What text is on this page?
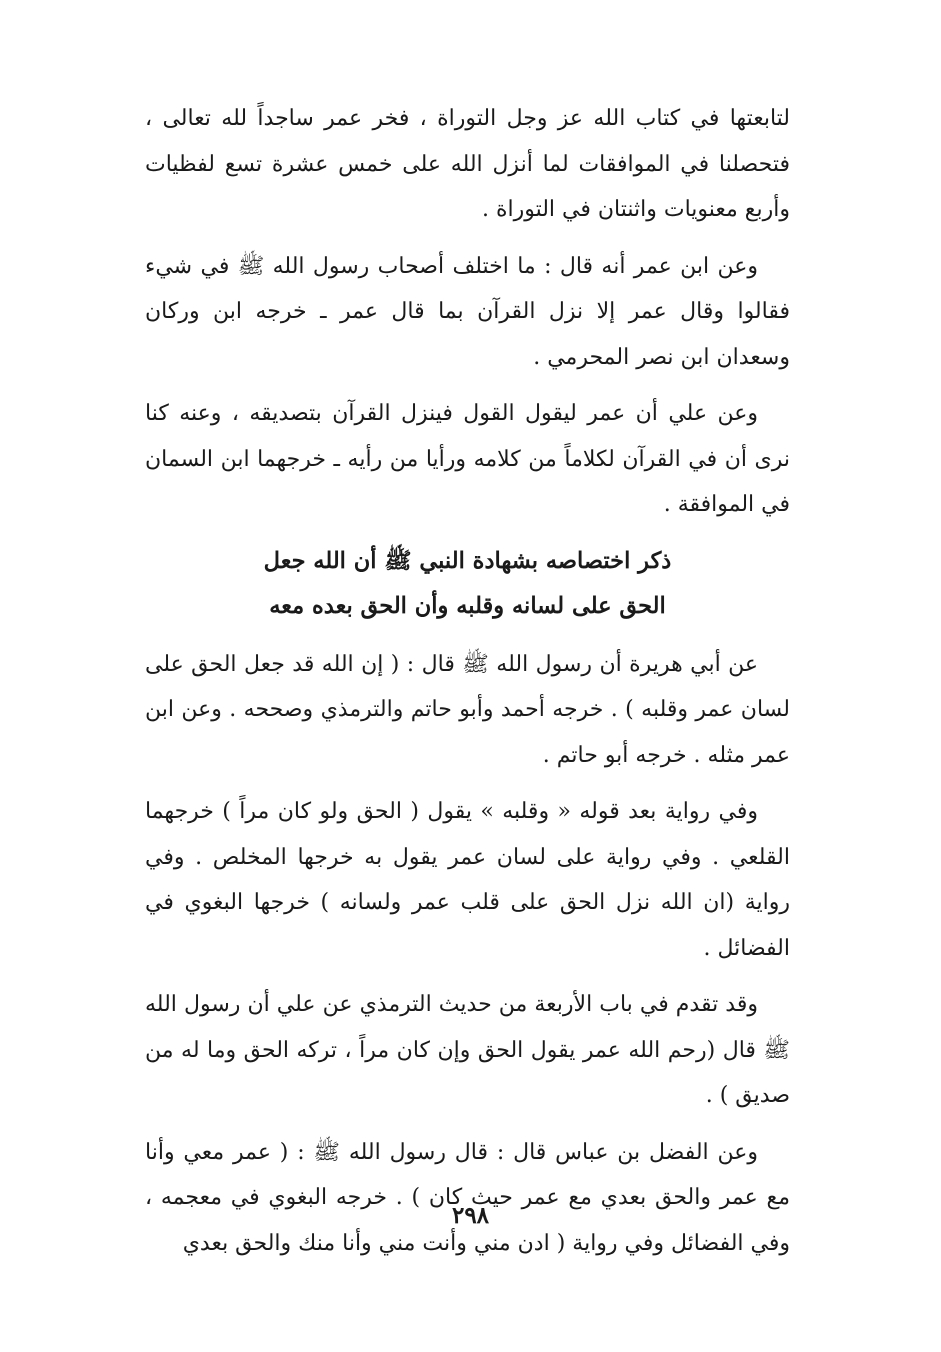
لتابعتها في كتاب الله عز وجل التوراة ، فخر عمر ساجداً لله تعالى ، فتحصلنا في الموافقات لما أنزل الله على خمس عشرة تسع لفظيات وأربع معنويات واثنتان في التوراة .

وعن ابن عمر أنه قال : ما اختلف أصحاب رسول الله ﷺ في شيء فقالوا وقال عمر إلا نزل القرآن بما قال عمر ـ خرجه ابن وركان وسعدان ابن نصر المحرمي .

وعن علي أن عمر ليقول القول فينزل القرآن بتصديقه ، وعنه كنا نرى أن في القرآن لكلاماً من كلامه ورأيا من رأيه ـ خرجهما ابن السمان في الموافقة .

ذكر اختصاصه بشهادة النبي ﷺ أن الله جعل
الحق على لسانه وقلبه وأن الحق بعده معه

عن أبي هريرة أن رسول الله ﷺ قال : ( إن الله قد جعل الحق على لسان عمر وقلبه ) . خرجه أحمد وأبو حاتم والترمذي وصححه . وعن ابن عمر مثله . خرجه أبو حاتم .

وفي رواية بعد قوله « وقلبه » يقول ( الحق ولو كان مراً ) خرجهما القلعي . وفي رواية على لسان عمر يقول به خرجها المخلص . وفي رواية (ان الله نزل الحق على قلب عمر ولسانه ) خرجها البغوي في الفضائل .

وقد تقدم في باب الأربعة من حديث الترمذي عن علي أن رسول الله ﷺ قال (رحم الله عمر يقول الحق وإن كان مراً ، تركه الحق وما له من صديق ) .

وعن الفضل بن عباس قال : قال رسول الله ﷺ : ( عمر معي وأنا مع عمر والحق بعدي مع عمر حيث كان ) . خرجه البغوي في معجمه ، وفي الفضائل وفي رواية ( ادن مني وأنت مني وأنا منك والحق بعدي

٢٩٨
